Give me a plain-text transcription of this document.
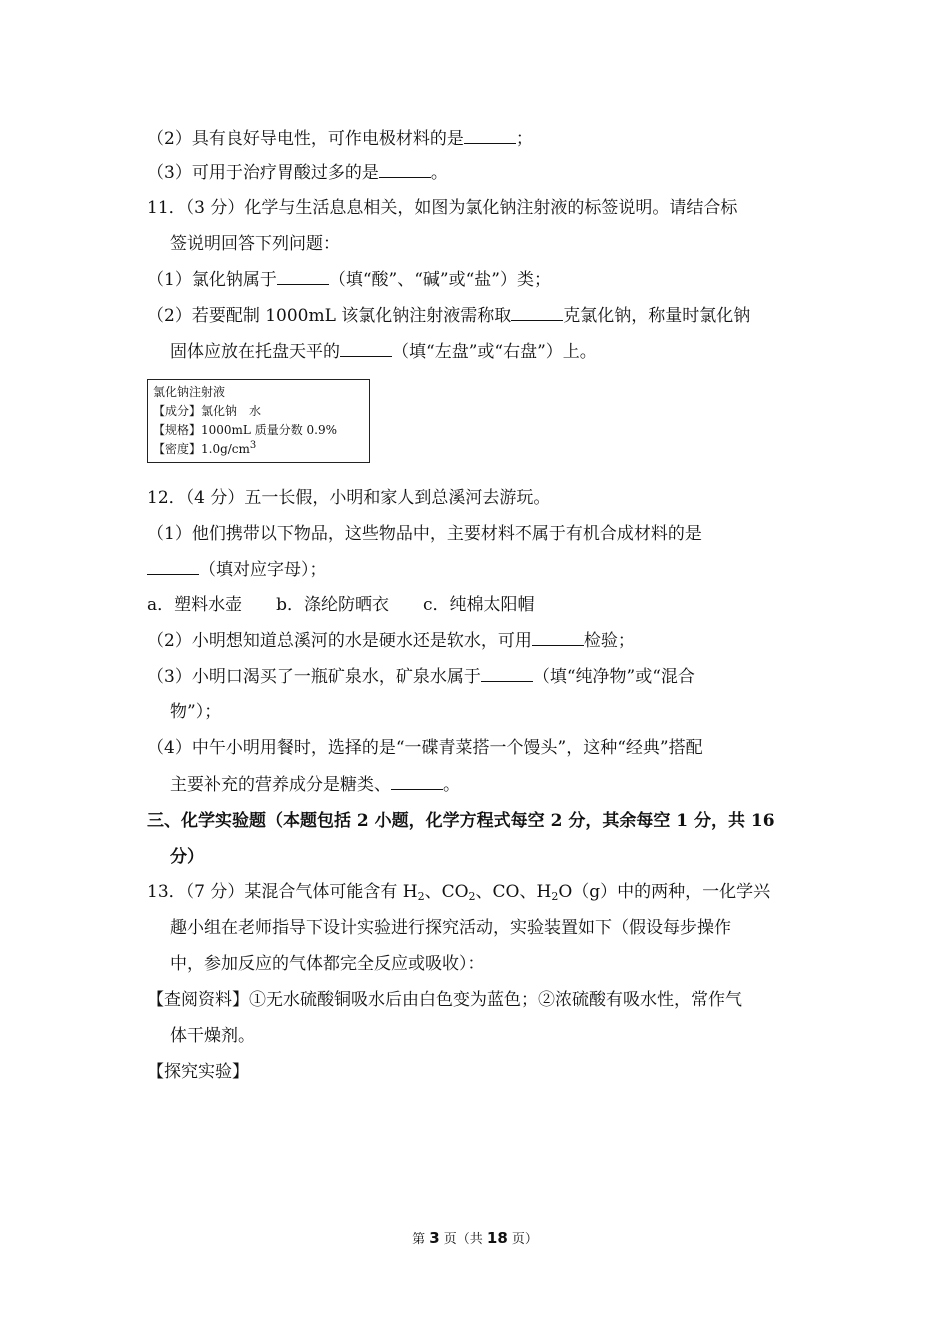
（2）具有良好导电性，可作电极材料的是	；
（3）可用于治疗胃酸过多的是	。
11．（3 分）化学与生活息息相关，如图为氯化钠注射液的标签说明。请结合标
签说明回答下列问题：
（1）氯化钠属于	（填“酸”、“碱”或“盐”）类；
（2）若要配制 1000mL 该氯化钠注射液需称取	克氯化钠，称量时氯化钠
固体应放在托盘天平的	（填“左盘”或“右盘”）上。
氯化钠注射液
【成分】氯化钠　水
【规格】1000mL 质量分数 0.9%
【密度】$1.0g/cm^3$
12．（4 分）五一长假，小明和家人到总溪河去游玩。
（1）他们携带以下物品，这些物品中，主要材料不属于有机合成材料的是
（填对应字母）；
a．塑料水壶　　b．涤纶防晒衣　　c．纯棉太阳帽
（2）小明想知道总溪河的水是硬水还是软水，可用	检验；
（3）小明口渴买了一瓶矿泉水，矿泉水属于	（填“纯净物”或“混合
物”）；
（4）中午小明用餐时，选择的是“一碟青菜搭一个馒头”，这种“经典”搭配
主要补充的营养成分是糖类、	。
三、化学实验题（本题包括 2 小题，化学方程式每空 2 分，其余每空 1 分，共 16
分）
13．（7 分）某混合气体可能含有 $H_2$、$CO_2$、CO、$H_2O(g)$中的两种，一化学兴
趣小组在老师指导下设计实验进行探究活动，实验装置如下（假设每步操作
中，参加反应的气体都完全反应或吸收）：
【查阅资料】①无水硫酸铜吸水后由白色变为蓝色；②浓硫酸有吸水性，常作气
体干燥剂。
【探究实验】
第 3 页（共 18 页）
